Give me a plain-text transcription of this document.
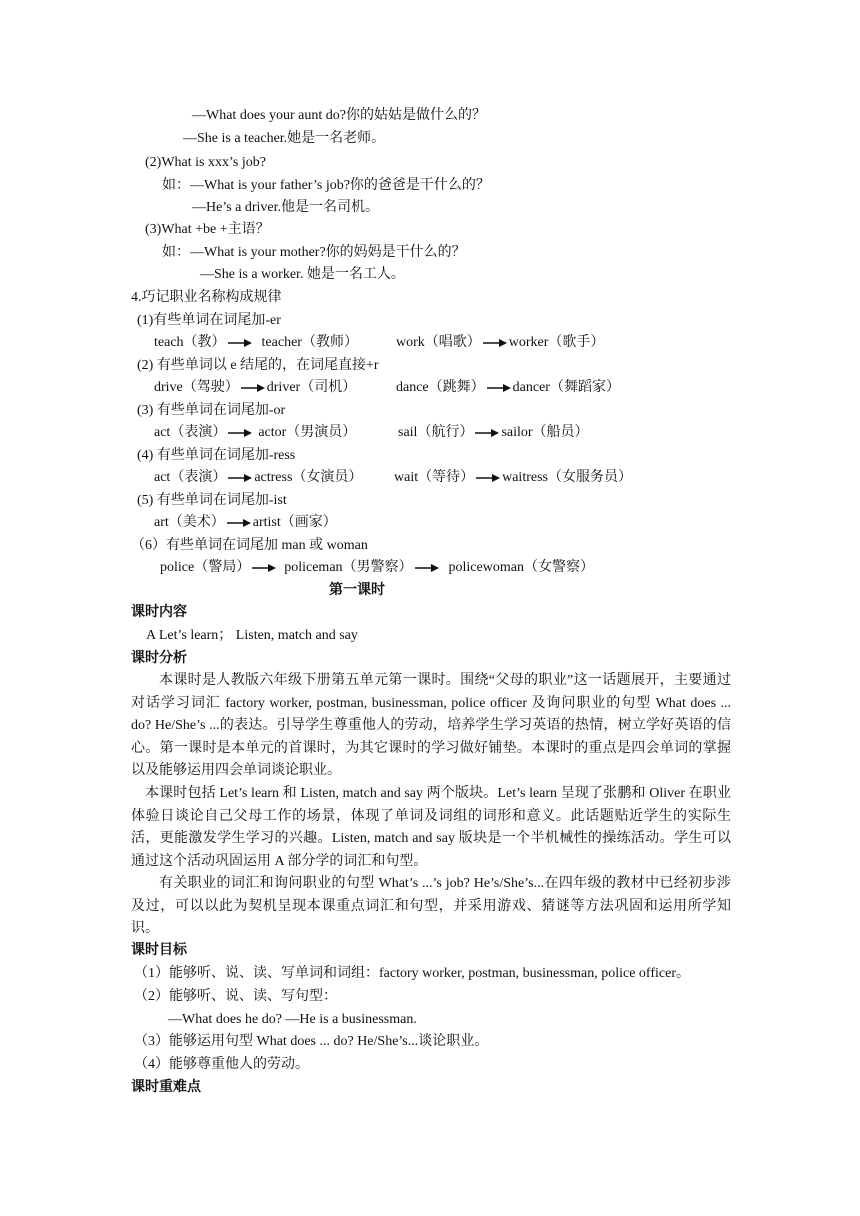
—What does your aunt do?你的姑姑是做什么的？
—She is a teacher.她是一名老师。
(2)What is xxx’s job?
如：—What is your father’s job?你的爸爸是干什么的？
—He’s a driver.他是一名司机。
(3)What +be +主语？
如：—What is your mother?你的妈妈是干什么的？
—She is a worker. 她是一名工人。
4.巧记职业名称构成规律
(1)有些单词在词尾加-er
teach（教）	teacher（教师）	work（唱歌） worker（歌手）
(2) 有些单词以 e 结尾的，在词尾直接+r
drive（驾驶） driver（司机）	dance（跳舞） dancer（舞蹈家）
(3) 有些单词在词尾加-or
act（表演） actor（男演员）	sail（航行） sailor（船员）
(4) 有些单词在词尾加-ress
act（表演） actress（女演员） wait（等待） waitress（女服务员）
(5) 有些单词在词尾加-ist
art（美术） artist（画家）
（6）有些单词在词尾加 man 或 woman
police（警局） policeman（男警察）	policewoman（女警察）
第一课时
课时内容
A Let’s learn； Listen, match and say
课时分析
本课时是人教版六年级下册第五单元第一课时。围绕“父母的职业”这一话题展开，主要通过对话学习词汇 factory worker, postman, businessman, police officer 及询问职业的句型 What does ... do? He/She’s ...的表达。引导学生尊重他人的劳动，培养学生学习英语的热情，树立学好英语的信心。第一课时是本单元的首课时，为其它课时的学习做好铺垫。本课时的重点是四会单词的掌握以及能够运用四会单词谈论职业。
本课时包括 Let’s learn 和 Listen, match and say 两个版块。Let’s learn 呈现了张鹏和 Oliver 在职业体验日谈论自己父母工作的场景，体现了单词及词组的词形和意义。此话题贴近学生的实际生活，更能激发学生学习的兴趣。Listen, match and say 版块是一个半机械性的操练活动。学生可以通过这个活动巩固运用 A 部分学的词汇和句型。
有关职业的词汇和询问职业的句型 What’s ...’s job? He’s/She’s...在四年级的教材中已经初步涉及过，可以以此为契机呈现本课重点词汇和句型，并采用游戏、猜谜等方法巩固和运用所学知识。
课时目标
（1）能够听、说、读、写单词和词组：factory worker, postman, businessman, police officer。
（2）能够听、说、读、写句型：
—What does he do? —He is a businessman.
（3）能够运用句型 What does ... do? He/She’s...谈论职业。
（4）能够尊重他人的劳动。
课时重难点
